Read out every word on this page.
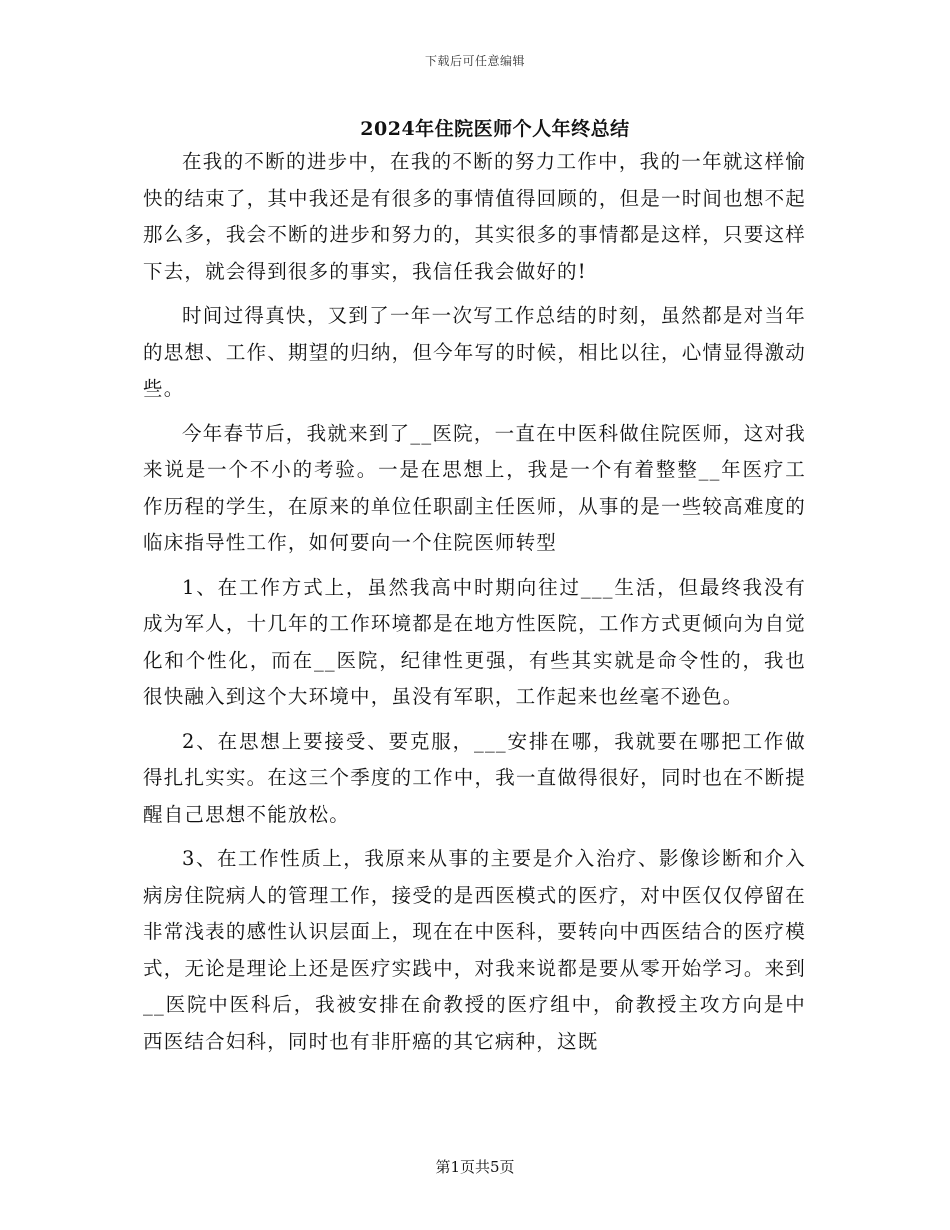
下载后可任意编辑
2024年住院医师个人年终总结

在我的不断的进步中，在我的不断的努力工作中，我的一年就这样愉快的结束了，其中我还是有很多的事情值得回顾的，但是一时间也想不起那么多，我会不断的进步和努力的，其实很多的事情都是这样，只要这样下去，就会得到很多的事实，我信任我会做好的!

时间过得真快，又到了一年一次写工作总结的时刻，虽然都是对当年的思想、工作、期望的归纳，但今年写的时候，相比以往，心情显得激动些。

今年春节后，我就来到了__医院，一直在中医科做住院医师，这对我来说是一个不小的考验。一是在思想上，我是一个有着整整__年医疗工作历程的学生，在原来的单位任职副主任医师，从事的是一些较高难度的临床指导性工作，如何要向一个住院医师转型

1、在工作方式上，虽然我高中时期向往过___生活，但最终我没有成为军人，十几年的工作环境都是在地方性医院，工作方式更倾向为自觉化和个性化，而在__医院，纪律性更强，有些其实就是命令性的，我也很快融入到这个大环境中，虽没有军职，工作起来也丝毫不逊色。

2、在思想上要接受、要克服，___安排在哪，我就要在哪把工作做得扎扎实实。在这三个季度的工作中，我一直做得很好，同时也在不断提醒自己思想不能放松。

3、在工作性质上，我原来从事的主要是介入治疗、影像诊断和介入病房住院病人的管理工作，接受的是西医模式的医疗，对中医仅仅停留在非常浅表的感性认识层面上，现在在中医科，要转向中西医结合的医疗模式，无论是理论上还是医疗实践中，对我来说都是要从零开始学习。来到__医院中医科后，我被安排在俞教授的医疗组中，俞教授主攻方向是中西医结合妇科，同时也有非肝癌的其它病种，这既

第1页共5页
